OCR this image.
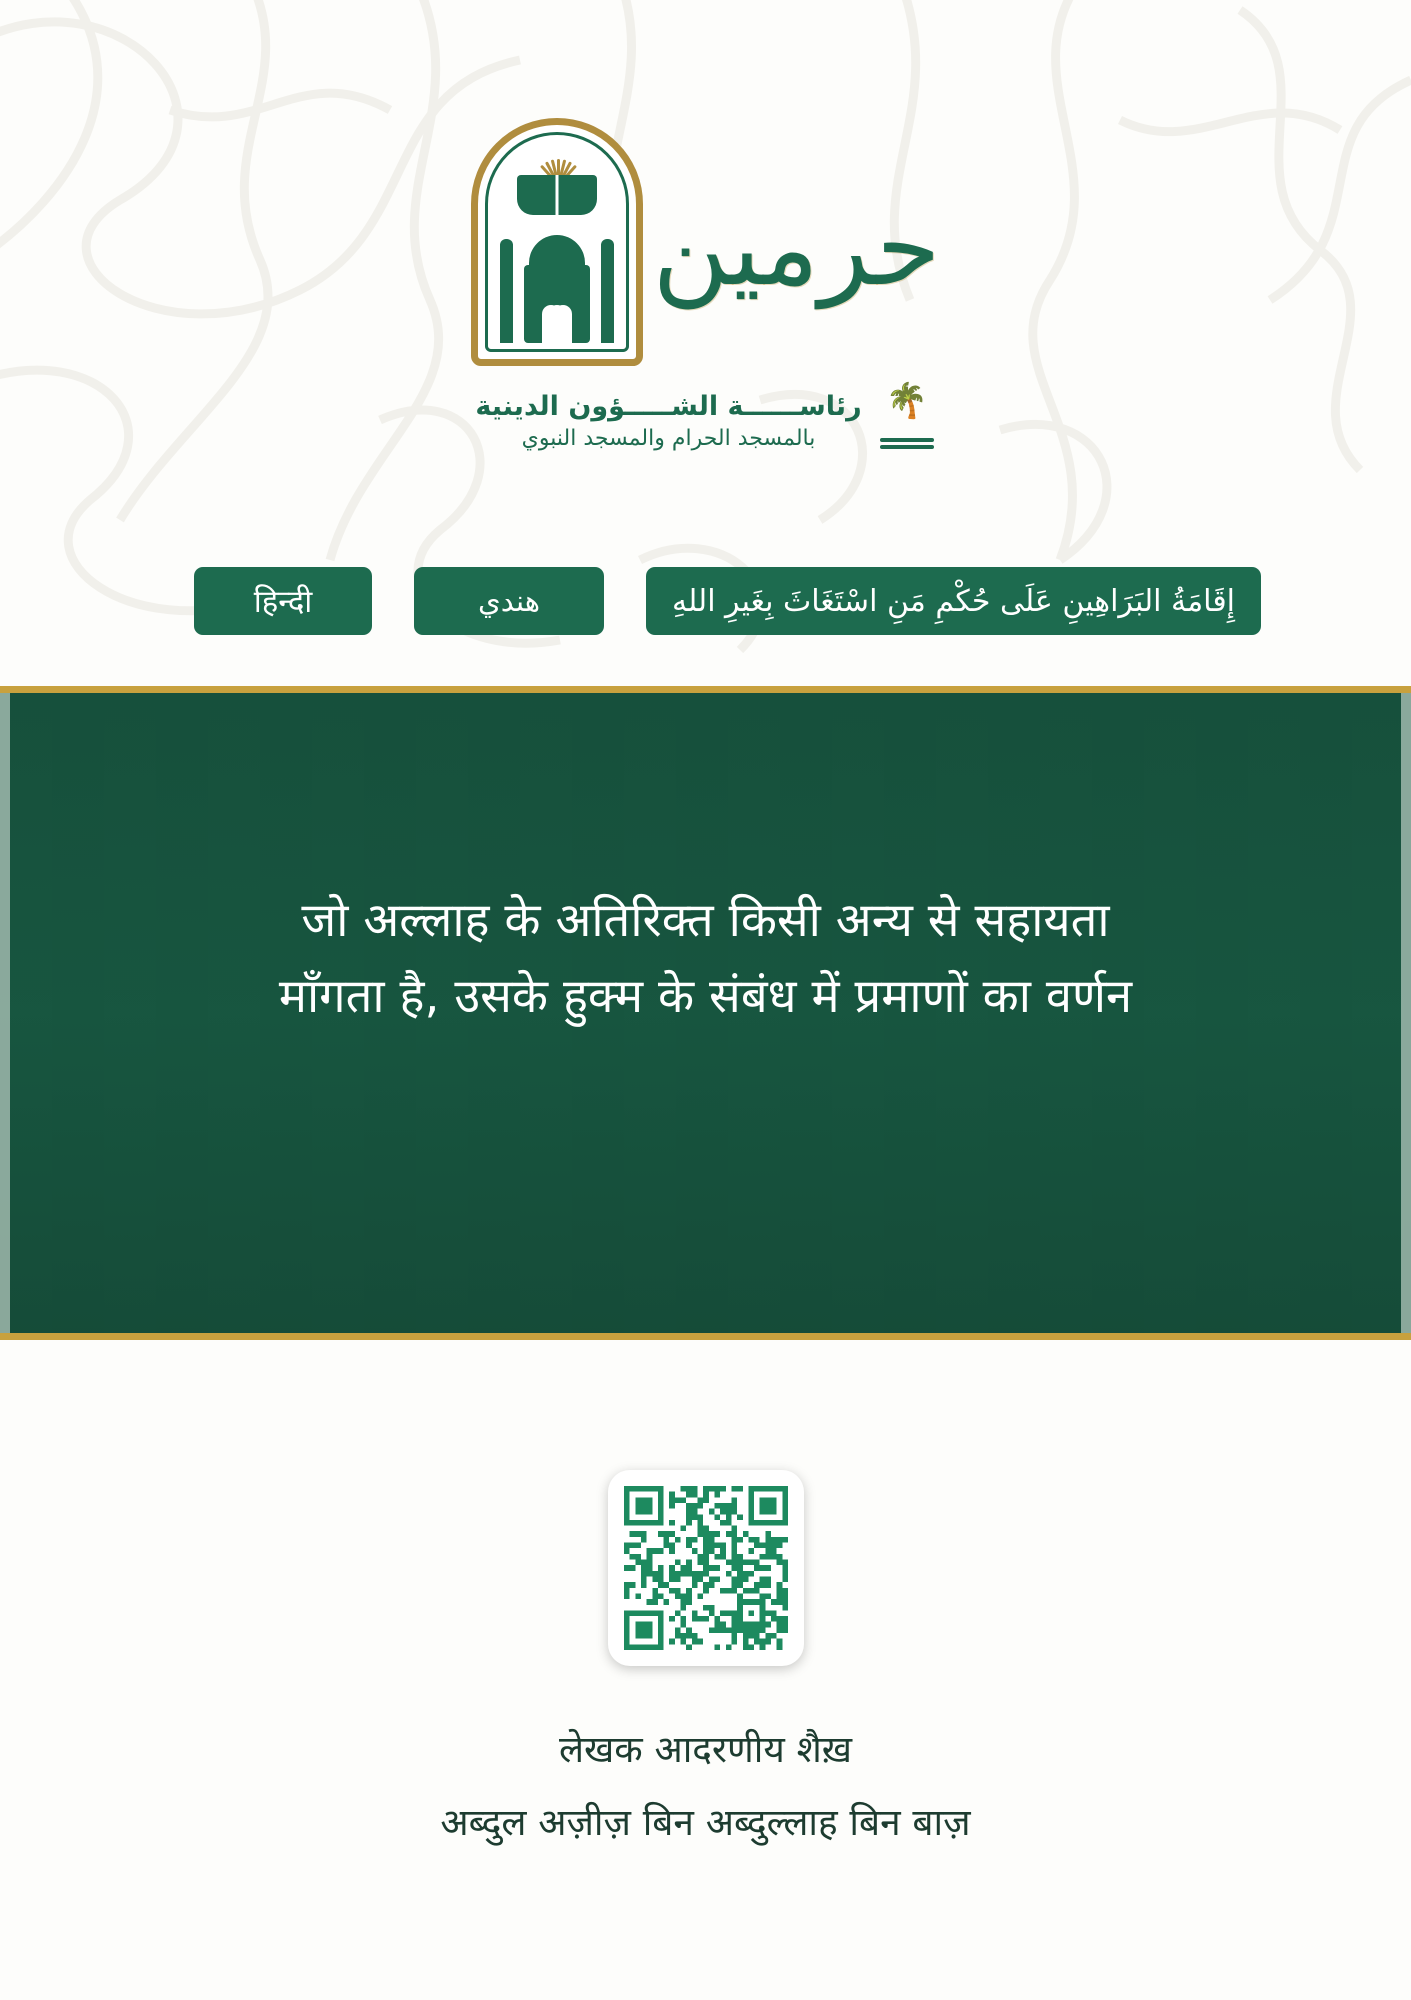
حرمين
🌴
رئاســــــة الشـــــؤون الدينية
بالمسجد الحرام والمسجد النبوي
إِقَامَةُ البَرَاهِينِ عَلَى حُكْمِ مَنِ اسْتَغَاثَ بِغَيرِ اللهِ
هندي
हिन्दी
जो अल्लाह के अतिरिक्त किसी अन्य से सहायता
माँगता है, उसके हुक्म के संबंध में प्रमाणों का वर्णन
लेखक आदरणीय शैख़
अब्दुल अज़ीज़ बिन अब्दुल्लाह बिन बाज़
